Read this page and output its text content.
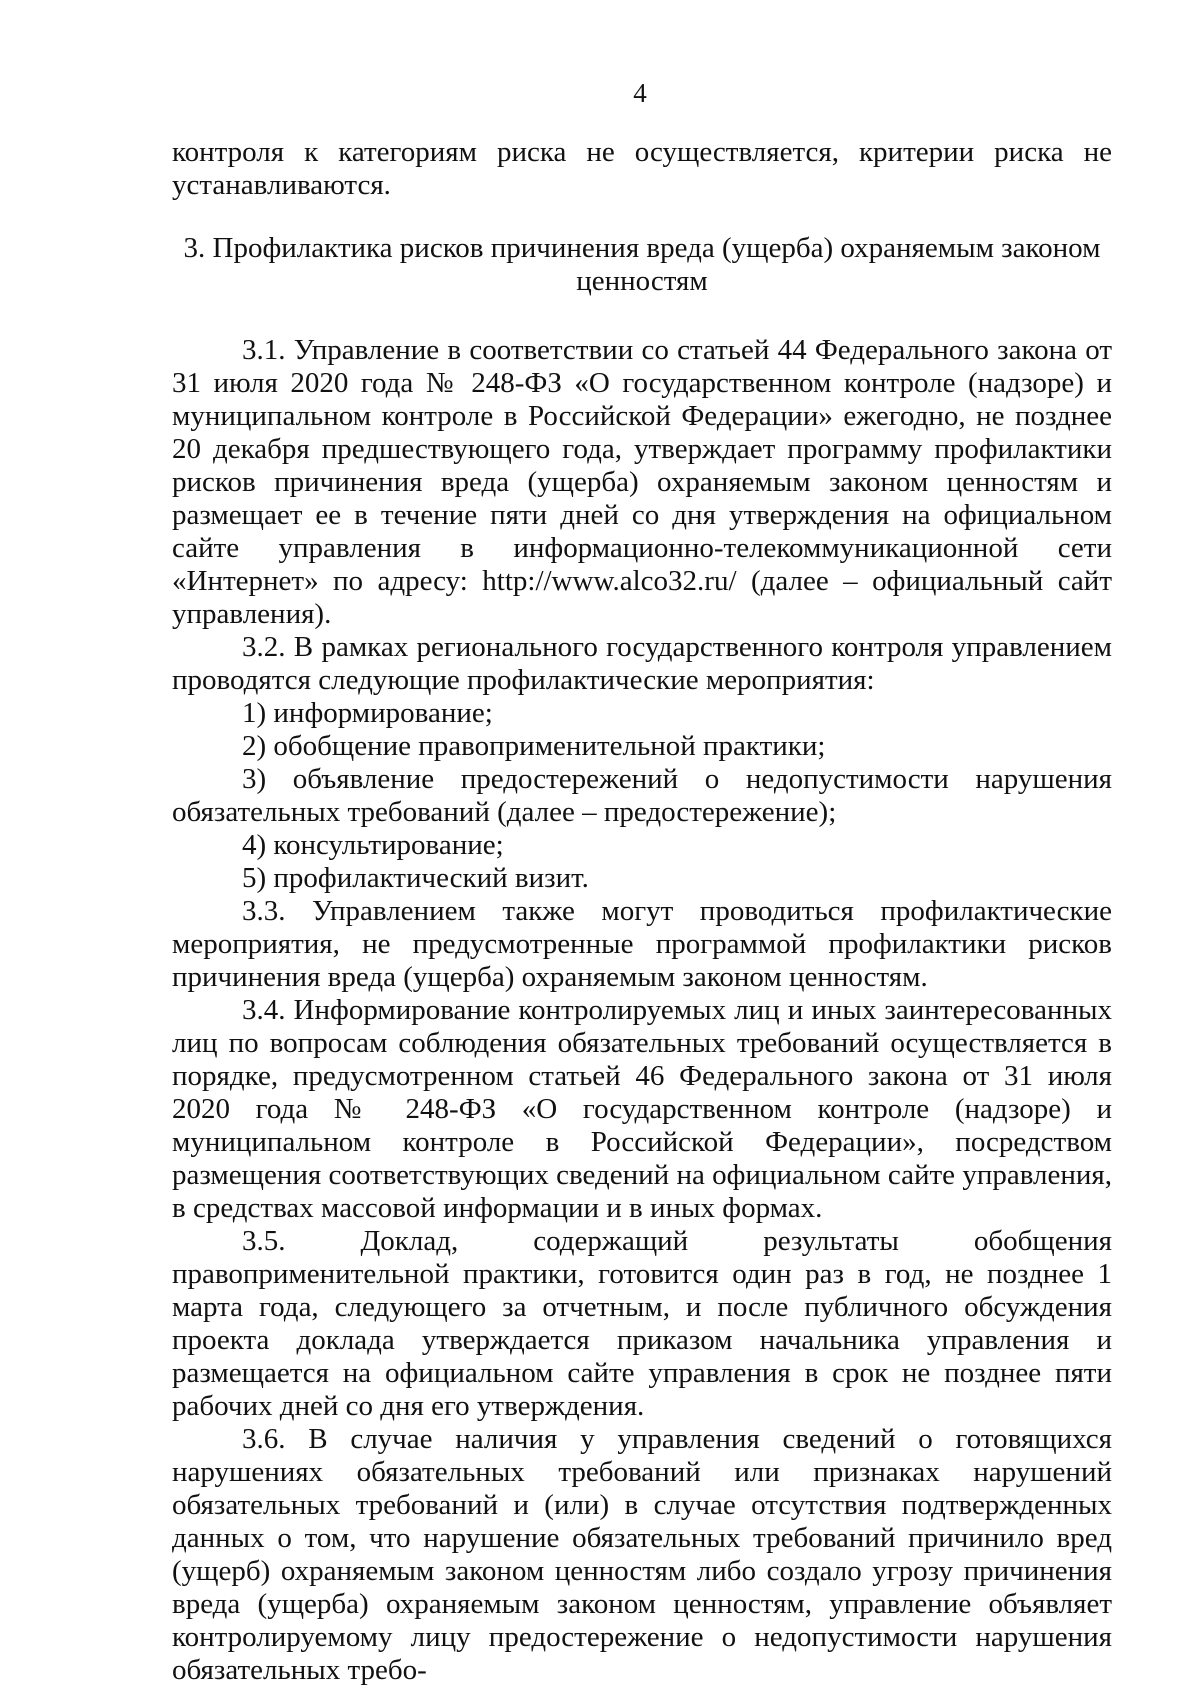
4

контроля к категориям риска не осуществляется, критерии риска не устанавливаются.

3. Профилактика рисков причинения вреда (ущерба) охраняемым законом ценностям

3.1. Управление в соответствии со статьей 44 Федерального закона от 31 июля 2020 года № 248-ФЗ «О государственном контроле (надзоре) и муниципальном контроле в Российской Федерации» ежегодно, не позднее 20 декабря предшествующего года, утверждает программу профилактики рисков причинения вреда (ущерба) охраняемым законом ценностям и размещает ее в течение пяти дней со дня утверждения на официальном сайте управления в информационно-телекоммуникационной сети «Интернет» по адресу: http://www.alco32.ru/ (далее – официальный сайт управления).

3.2. В рамках регионального государственного контроля управлением проводятся следующие профилактические мероприятия:

1) информирование;

2) обобщение правоприменительной практики;

3) объявление предостережений о недопустимости нарушения обязательных требований (далее – предостережение);

4) консультирование;

5) профилактический визит.

3.3. Управлением также могут проводиться профилактические мероприятия, не предусмотренные программой профилактики рисков причинения вреда (ущерба) охраняемым законом ценностям.

3.4. Информирование контролируемых лиц и иных заинтересованных лиц по вопросам соблюдения обязательных требований осуществляется в порядке, предусмотренном статьей 46 Федерального закона от 31 июля 2020 года № 248-ФЗ «О государственном контроле (надзоре) и муниципальном контроле в Российской Федерации», посредством размещения соответствующих сведений на официальном сайте управления, в средствах массовой информации и в иных формах.

3.5. Доклад, содержащий результаты обобщения правоприменительной практики, готовится один раз в год, не позднее 1 марта года, следующего за отчетным, и после публичного обсуждения проекта доклада утверждается приказом начальника управления и размещается на официальном сайте управления в срок не позднее пяти рабочих дней со дня его утверждения.

3.6. В случае наличия у управления сведений о готовящихся нарушениях обязательных требований или признаках нарушений обязательных требований и (или) в случае отсутствия подтвержденных данных о том, что нарушение обязательных требований причинило вред (ущерб) охраняемым законом ценностям либо создало угрозу причинения вреда (ущерба) охраняемым законом ценностям, управление объявляет контролируемому лицу предостережение о недопустимости нарушения обязательных требо-
